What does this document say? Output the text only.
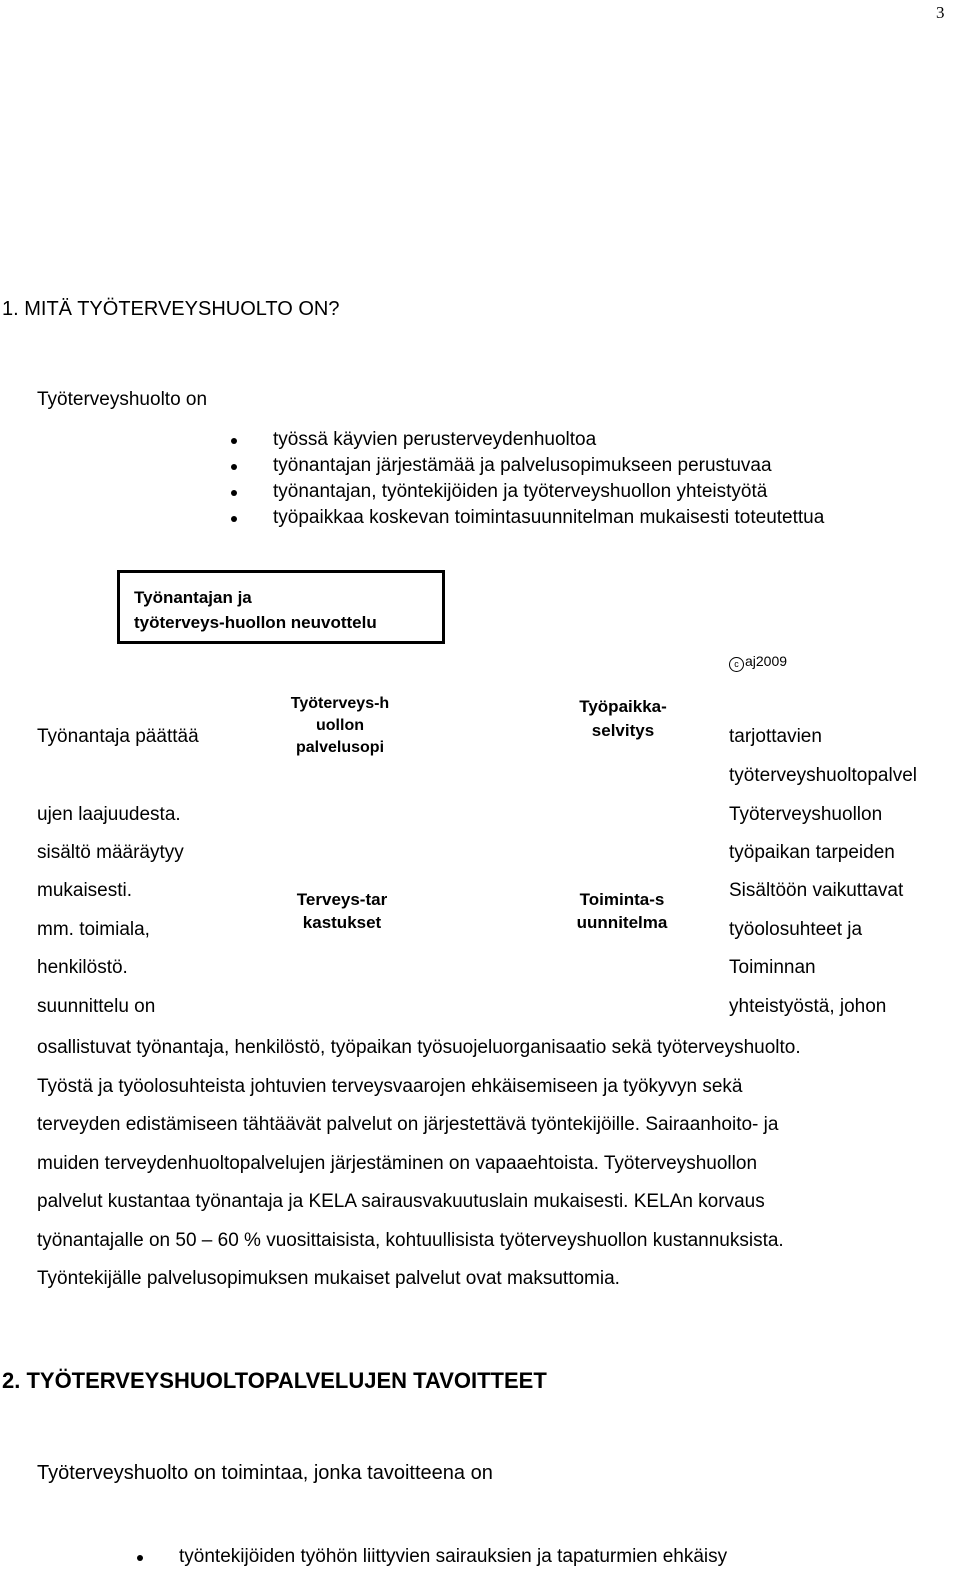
3
1. MITÄ TYÖTERVEYSHUOLTO ON?
Työterveyshuolto on
työssä käyvien perusterveydenhuoltoa
työnantajan järjestämää ja palvelusopimukseen perustuvaa
työnantajan, työntekijöiden ja työterveyshuollon yhteistyötä
työpaikkaa koskevan toimintasuunnitelman mukaisesti toteutettua
Työnantajan ja
työterveys-huollon neuvottelu
c aj2009
Työterveys-h
uollon
palvelusopi
Työpaikka-
selvitys
Terveys-tar
kastukset
Toiminta-s
uunnitelma
Työnantaja päättää
ujen laajuudesta.
sisältö määräytyy
mukaisesti.
mm. toimiala,
henkilöstö.
suunnittelu on
tarjottavien
työterveyshuoltopalvel
Työterveyshuollon
työpaikan tarpeiden
Sisältöön vaikuttavat
työolosuhteet ja
Toiminnan
yhteistyöstä, johon
osallistuvat työnantaja, henkilöstö, työpaikan työsuojeluorganisaatio sekä työterveyshuolto.
Työstä ja työolosuhteista johtuvien terveysvaarojen ehkäisemiseen ja työkyvyn sekä
terveyden edistämiseen tähtäävät palvelut on järjestettävä työntekijöille. Sairaanhoito- ja
muiden terveydenhuoltopalvelujen järjestäminen on vapaaehtoista. Työterveyshuollon
palvelut kustantaa työnantaja ja KELA sairausvakuutuslain mukaisesti. KELAn korvaus
työnantajalle on 50 – 60 % vuosittaisista, kohtuullisista työterveyshuollon kustannuksista.
Työntekijälle palvelusopimuksen mukaiset palvelut ovat maksuttomia.
2. TYÖTERVEYSHUOLTOPALVELUJEN TAVOITTEET
Työterveyshuolto on toimintaa, jonka tavoitteena on
työntekijöiden työhön liittyvien sairauksien ja tapaturmien ehkäisy
